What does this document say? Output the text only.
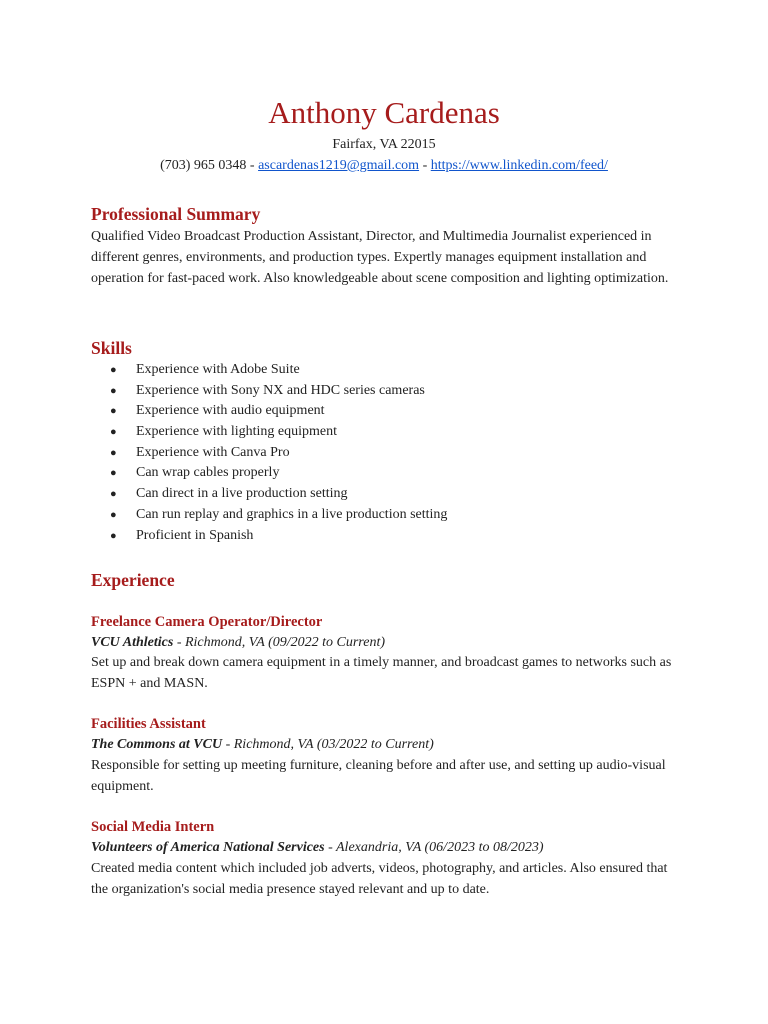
Anthony Cardenas
Fairfax, VA 22015
(703) 965 0348 - ascardenas1219@gmail.com - https://www.linkedin.com/feed/
Professional Summary

Qualified Video Broadcast Production Assistant, Director, and Multimedia Journalist experienced in different genres, environments, and production types. Expertly manages equipment installation and operation for fast-paced work. Also knowledgeable about scene composition and lighting optimization.

Skills
● Experience with Adobe Suite
● Experience with Sony NX and HDC series cameras
● Experience with audio equipment
● Experience with lighting equipment
● Experience with Canva Pro
● Can wrap cables properly
● Can direct in a live production setting
● Can run replay and graphics in a live production setting
● Proficient in Spanish
Experience
Freelance Camera Operator/Director
VCU Athletics - Richmond, VA (09/2022 to Current)

Set up and break down camera equipment in a timely manner, and broadcast games to networks such as ESPN + and MASN.

Facilities Assistant
The Commons at VCU - Richmond, VA (03/2022 to Current)

Responsible for setting up meeting furniture, cleaning before and after use, and setting up audio-visual equipment.

Social Media Intern
Volunteers of America National Services - Alexandria, VA (06/2023 to 08/2023)

Created media content which included job adverts, videos, photography, and articles. Also ensured that the organization's social media presence stayed relevant and up to date.
